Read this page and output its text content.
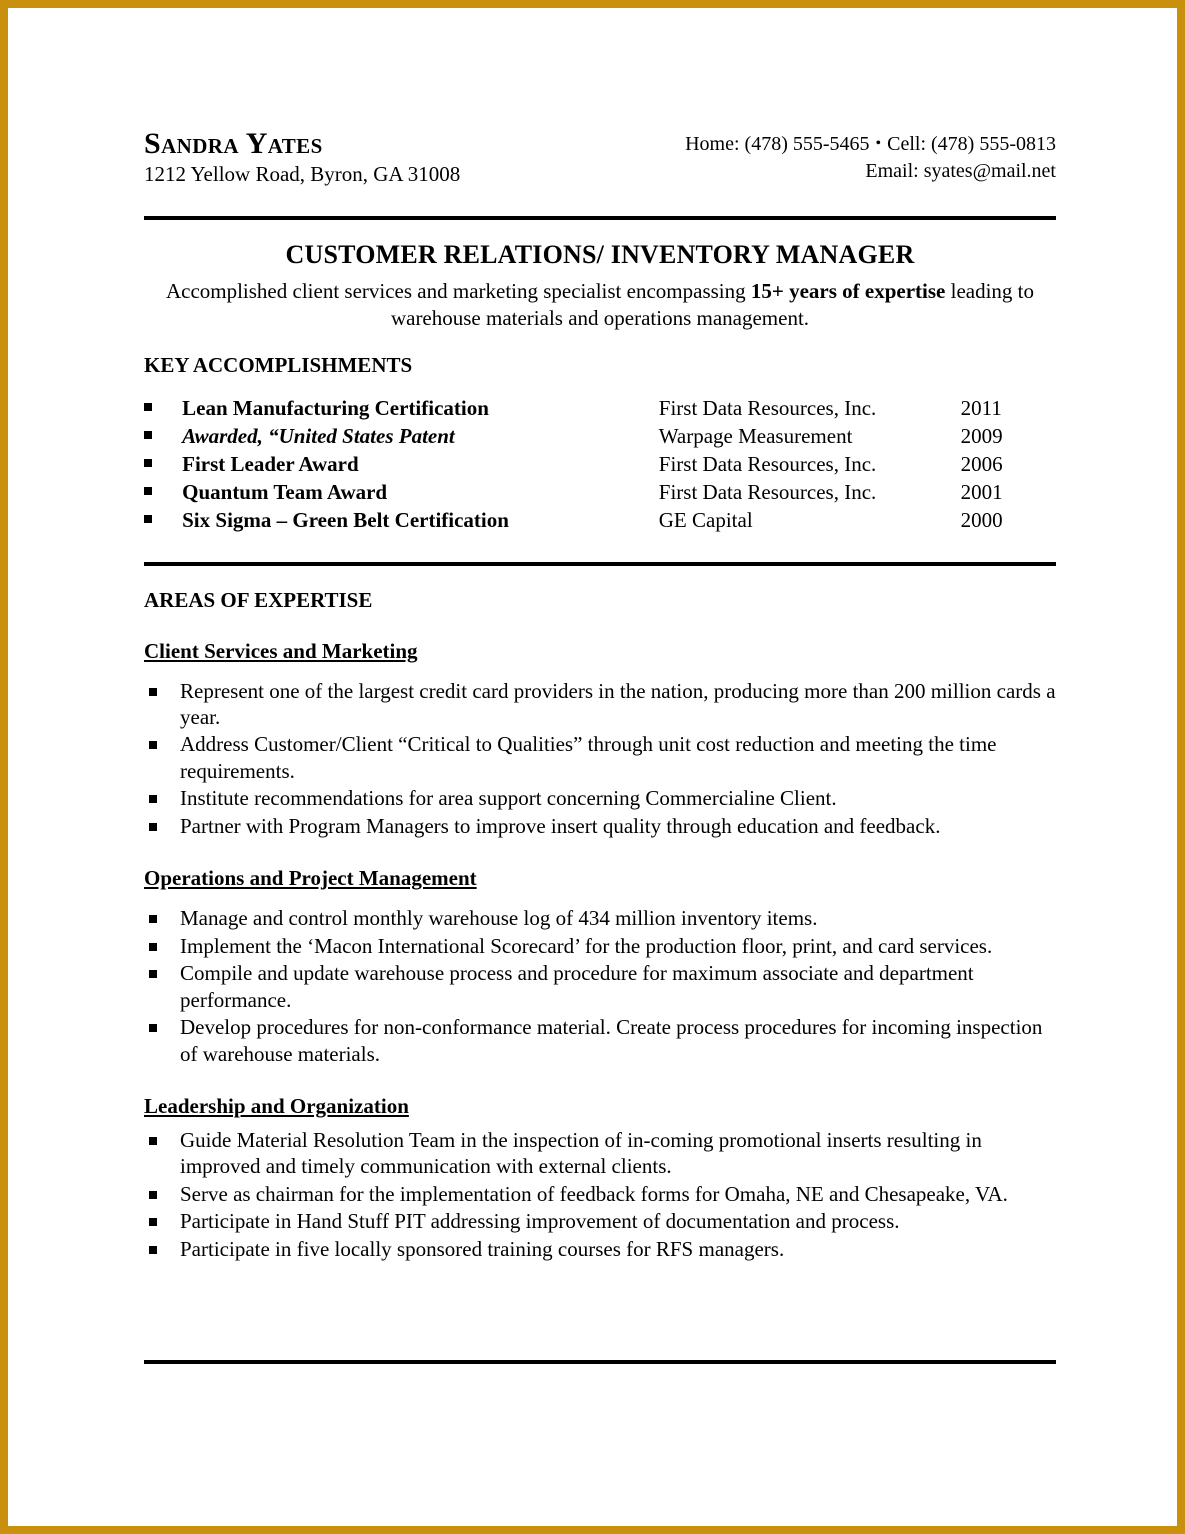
Sandra Yates
1212 Yellow Road, Byron, GA 31008
Home: (478) 555-5465 • Cell: (478) 555-0813
Email: syates@mail.net
CUSTOMER RELATIONS/ INVENTORY MANAGER
Accomplished client services and marketing specialist encompassing 15+ years of expertise leading to warehouse materials and operations management.
KEY ACCOMPLISHMENTS
	Lean Manufacturing Certification	First Data Resources, Inc.	2011
	Awarded, “United States Patent	Warpage Measurement	2009
	First Leader Award	First Data Resources, Inc.	2006
	Quantum Team Award	First Data Resources, Inc.	2001
	Six Sigma – Green Belt Certification	GE Capital	2000
AREAS OF EXPERTISE
Client Services and Marketing
Represent one of the largest credit card providers in the nation, producing more than 200 million cards a year.
Address Customer/Client “Critical to Qualities” through unit cost reduction and meeting the time requirements.
Institute recommendations for area support concerning Commercialine Client.
Partner with Program Managers to improve insert quality through education and feedback.
Operations and Project Management
Manage and control monthly warehouse log of 434 million inventory items.
Implement the ‘Macon International Scorecard’ for the production floor, print, and card services.
Compile and update warehouse process and procedure for maximum associate and department performance.
Develop procedures for non-conformance material. Create process procedures for incoming inspection of warehouse materials.
Leadership and Organization
Guide Material Resolution Team in the inspection of in-coming promotional inserts resulting in improved and timely communication with external clients.
Serve as chairman for the implementation of feedback forms for Omaha, NE and Chesapeake, VA.
Participate in Hand Stuff PIT addressing improvement of documentation and process.
Participate in five locally sponsored training courses for RFS managers.
